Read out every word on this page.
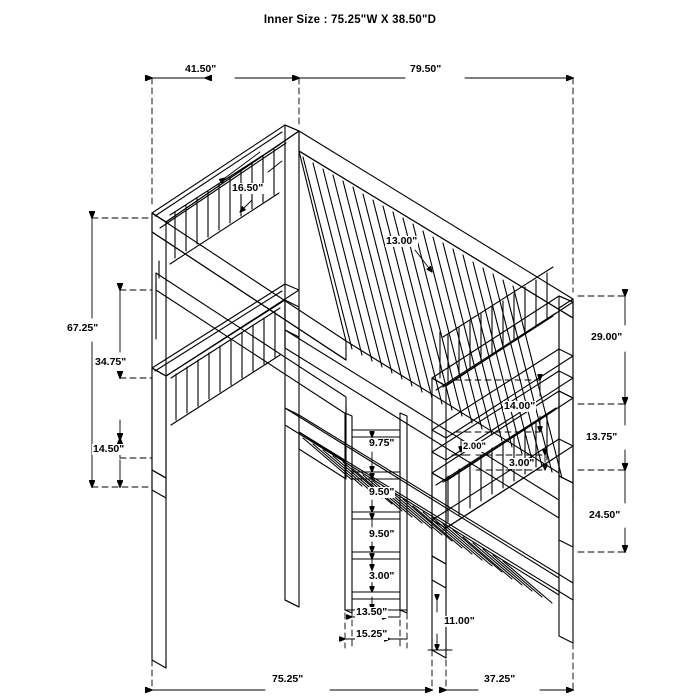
Inner Size : 75.25"W X 38.50"D
41.50"	79.50"
16.50"
13.00"
67.25"
34.75"
14.50"
29.00"
14.00"
13.75"
2.00"
3.00"
24.50"
9.75"
9.50"
9.50"
3.00"
13.50"
15.25"
11.00"
75.25"	37.25"
